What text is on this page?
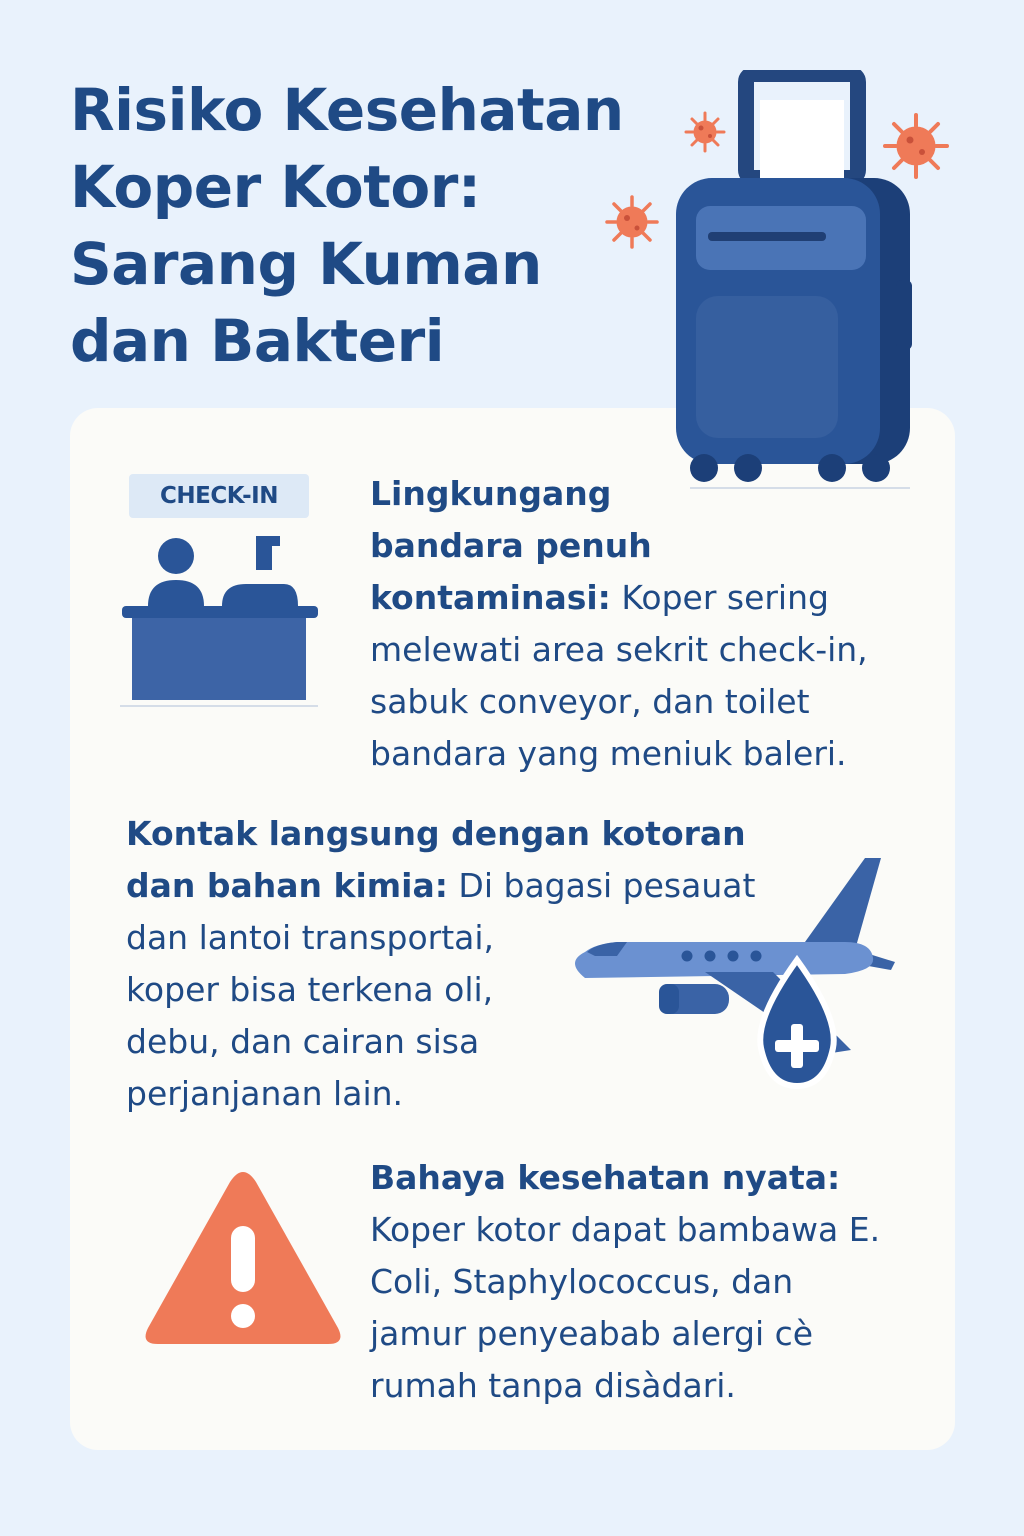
Risiko Kesehatan
Koper Kotor:
Sarang Kuman
dan Bakteri
CHECK-IN	Lingkungang
bandara penuh
kontaminasi: Koper sering
melewati area sekrit check-in,
sabuk conveyor, dan toilet
bandara yang meniuk baleri.

Kontak langsung dengan kotoran
dan bahan kimia: Di bagasi pesauat
dan lantoi transportai,
koper bisa terkena oli,
debu, dan cairan sisa
perjanjanan lain.

Bahaya kesehatan nyata:
Koper kotor dapat bambawa E.
Coli, Staphylococcus, dan
jamur penyeabab alergi cè
rumah tanpa disàdari.
